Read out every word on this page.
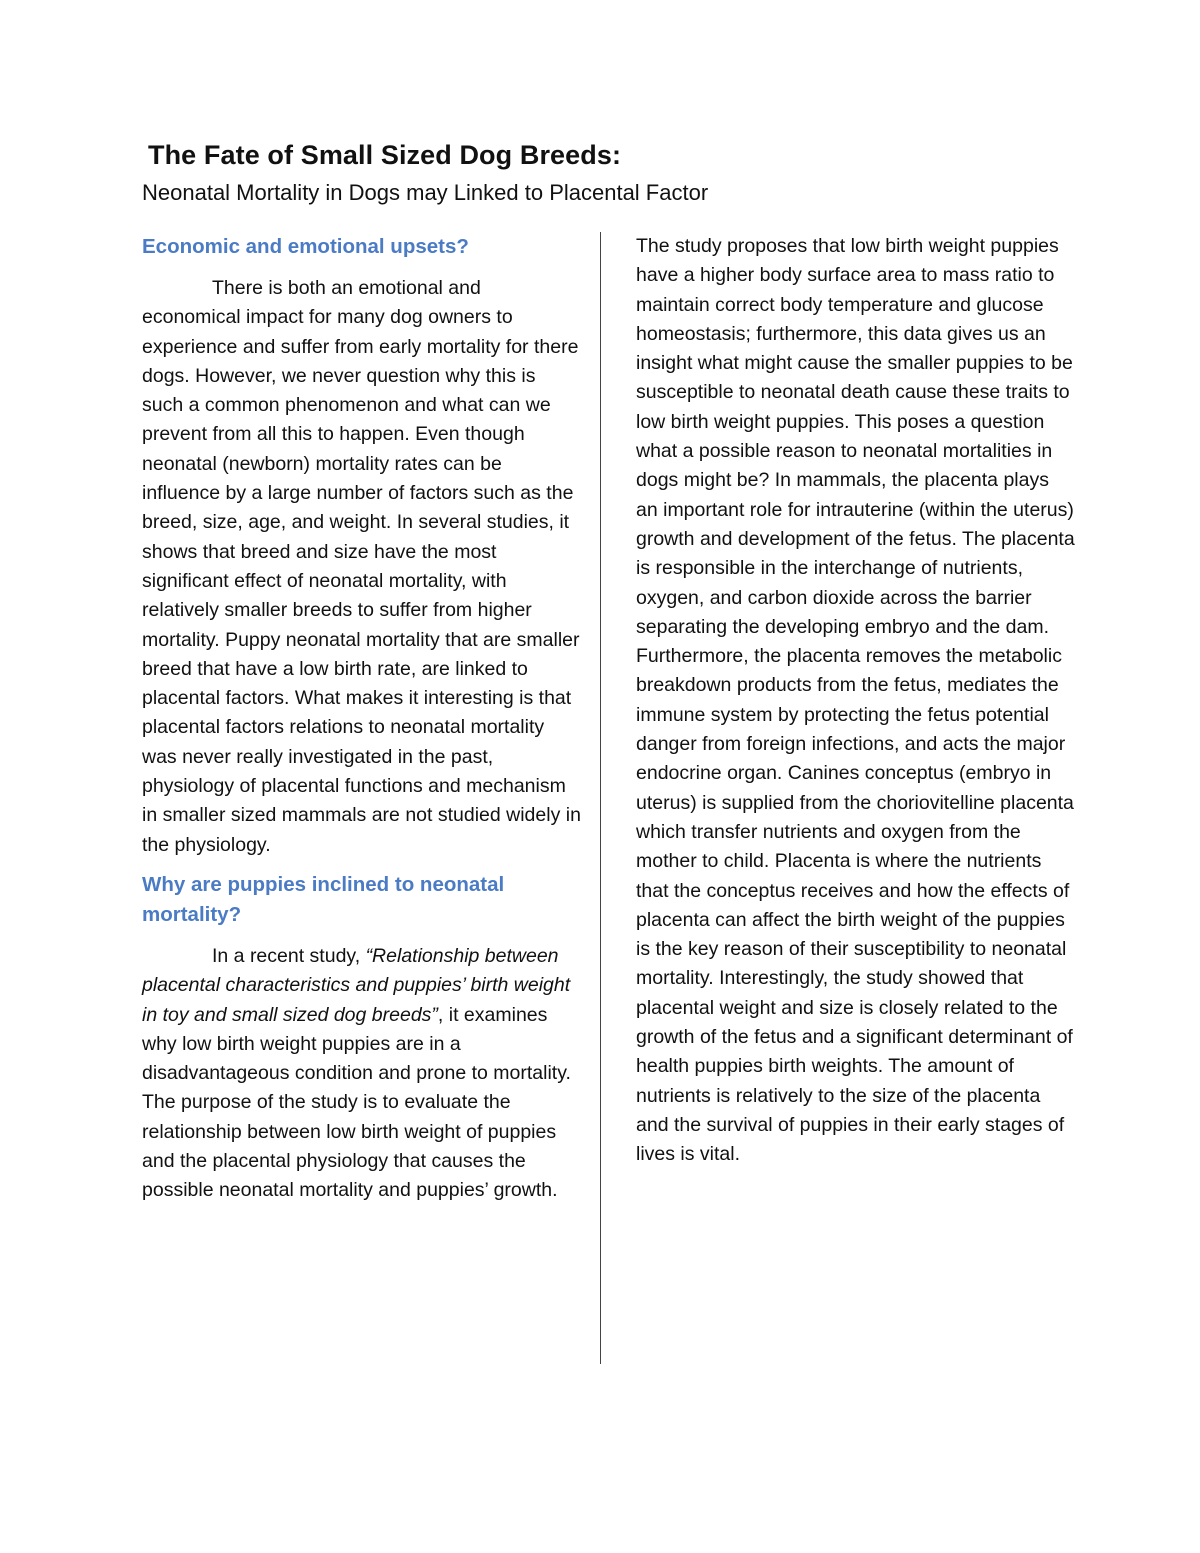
The Fate of Small Sized Dog Breeds:
Neonatal Mortality in Dogs may Linked to Placental Factor
Economic and emotional upsets?

There is both an emotional and economical impact for many dog owners to experience and suffer from early mortality for there dogs. However, we never question why this is such a common phenomenon and what can we prevent from all this to happen. Even though neonatal (newborn) mortality rates can be influence by a large number of factors such as the breed, size, age, and weight. In several studies, it shows that breed and size have the most significant effect of neonatal mortality, with relatively smaller breeds to suffer from higher mortality. Puppy neonatal mortality that are smaller breed that have a low birth rate, are linked to placental factors. What makes it interesting is that placental factors relations to neonatal mortality was never really investigated in the past, physiology of placental functions and mechanism in smaller sized mammals are not studied widely in the physiology.

Why are puppies inclined to neonatal mortality?

In a recent study, “Relationship between placental characteristics and puppies’ birth weight in toy and small sized dog breeds”, it examines why low birth weight puppies are in a disadvantageous condition and prone to mortality. The purpose of the study is to evaluate the relationship between low birth weight of puppies and the placental physiology that causes the possible neonatal mortality and puppies’ growth.

The study proposes that low birth weight puppies have a higher body surface area to mass ratio to maintain correct body temperature and glucose homeostasis; furthermore, this data gives us an insight what might cause the smaller puppies to be susceptible to neonatal death cause these traits to low birth weight puppies. This poses a question what a possible reason to neonatal mortalities in dogs might be? In mammals, the placenta plays an important role for intrauterine (within the uterus) growth and development of the fetus. The placenta is responsible in the interchange of nutrients, oxygen, and carbon dioxide across the barrier separating the developing embryo and the dam. Furthermore, the placenta removes the metabolic breakdown products from the fetus, mediates the immune system by protecting the fetus potential danger from foreign infections, and acts the major endocrine organ. Canines conceptus (embryo in uterus) is supplied from the choriovitelline placenta which transfer nutrients and oxygen from the mother to child. Placenta is where the nutrients that the conceptus receives and how the effects of placenta can affect the birth weight of the puppies is the key reason of their susceptibility to neonatal mortality. Interestingly, the study showed that placental weight and size is closely related to the growth of the fetus and a significant determinant of health puppies birth weights. The amount of nutrients is relatively to the size of the placenta and the survival of puppies in their early stages of lives is vital.
